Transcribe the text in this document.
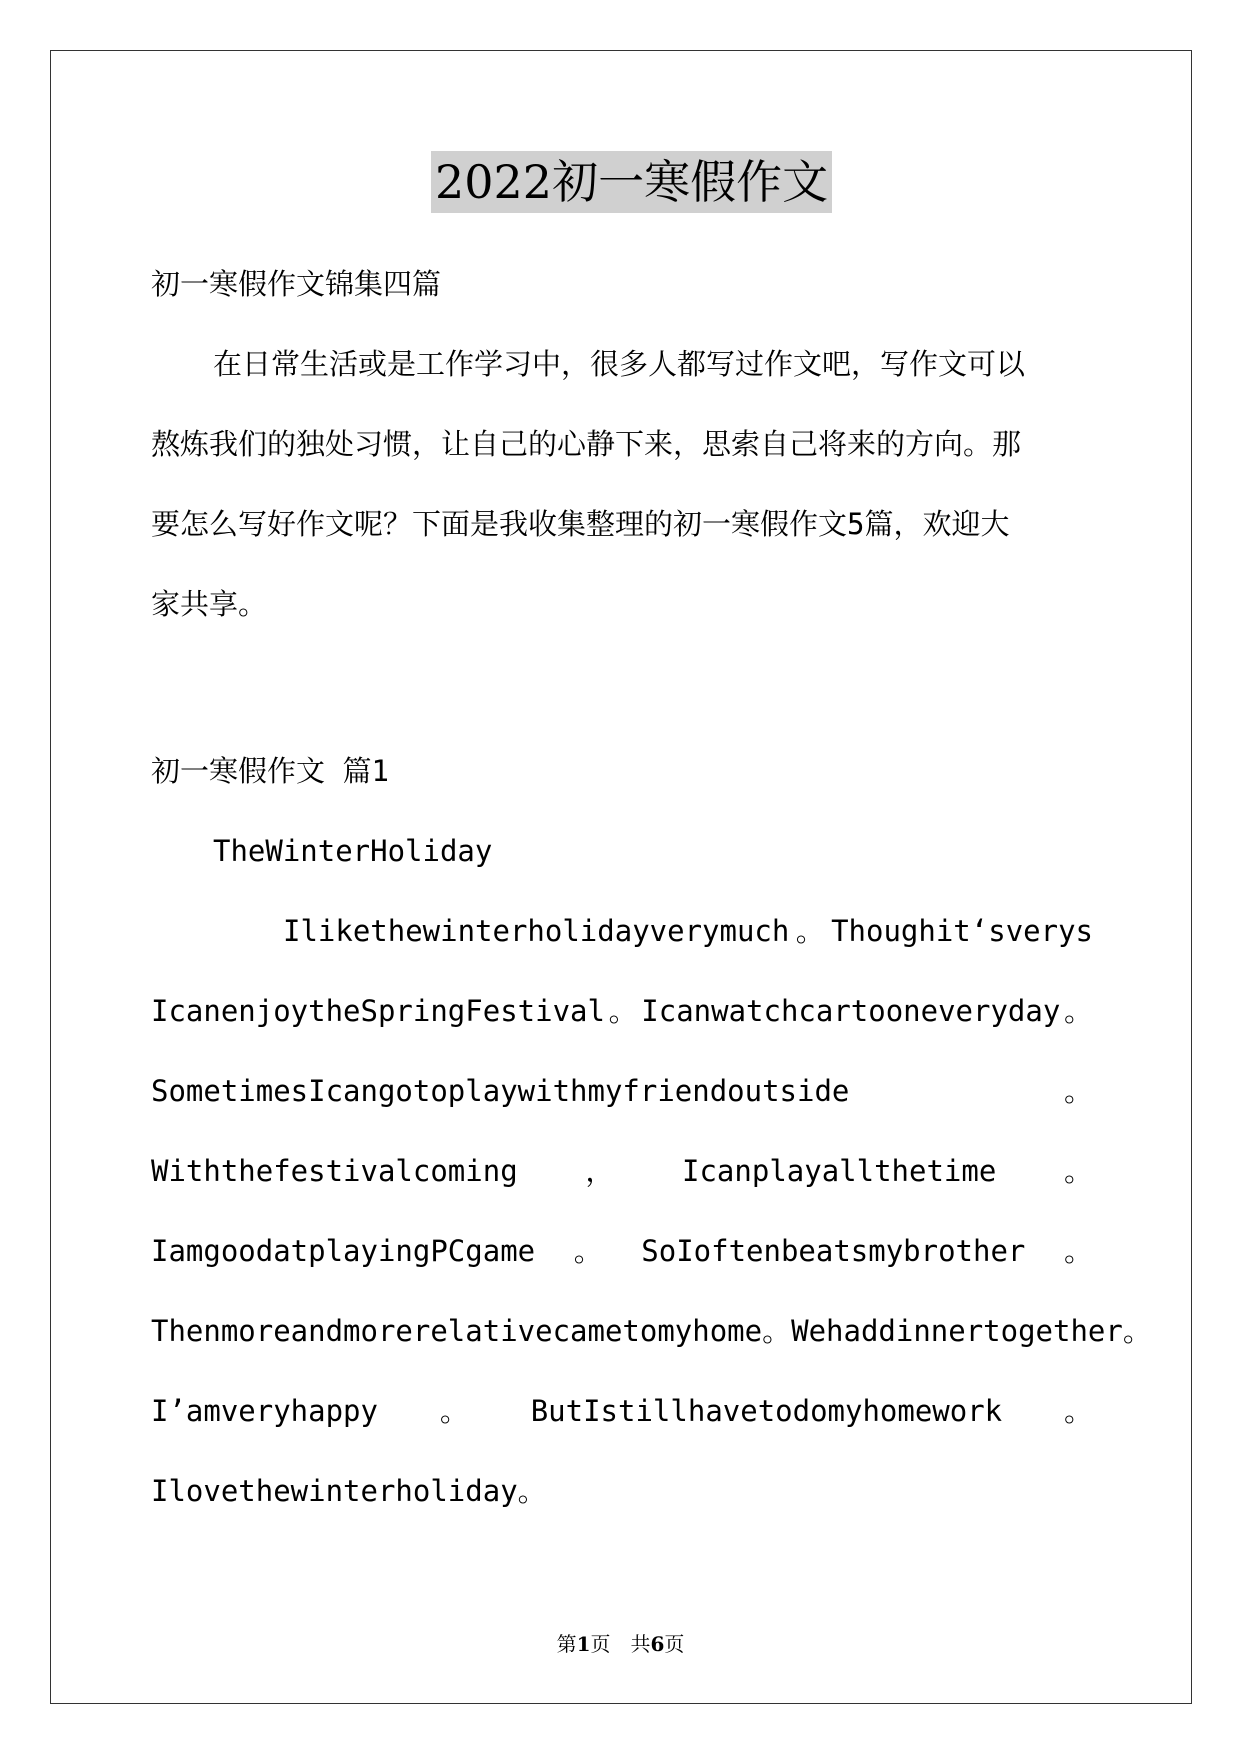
2022初一寒假作文
初一寒假作文锦集四篇
在日常生活或是工作学习中，很多人都写过作文吧，写作文可以
熬炼我们的独处习惯，让自己的心静下来，思索自己将来的方向。那
要怎么写好作文呢？下面是我收集整理的初一寒假作文5篇，欢迎大
家共享。
初一寒假作文 篇1
TheWinterHoliday
Ilikethewinterholidayverymuch 。 Thoughit‘sverys
IcanenjoytheSpringFestival 。 Icanwatchcartooneveryday 。
SometimesIcangotoplaywithmyfriendoutside	。
Withthefestivalcoming ， Icanplayallthetime 。
IamgoodatplayingPCgame 。 SoIoftenbeatsmybrother 。
Thenmoreandmorerelativecametomyhome 。 Wehaddinnertogether 。
I’amveryhappy 。 ButIstillhavetodomyhomework 。
Ilovethewinterholiday。
第1页　共6页
